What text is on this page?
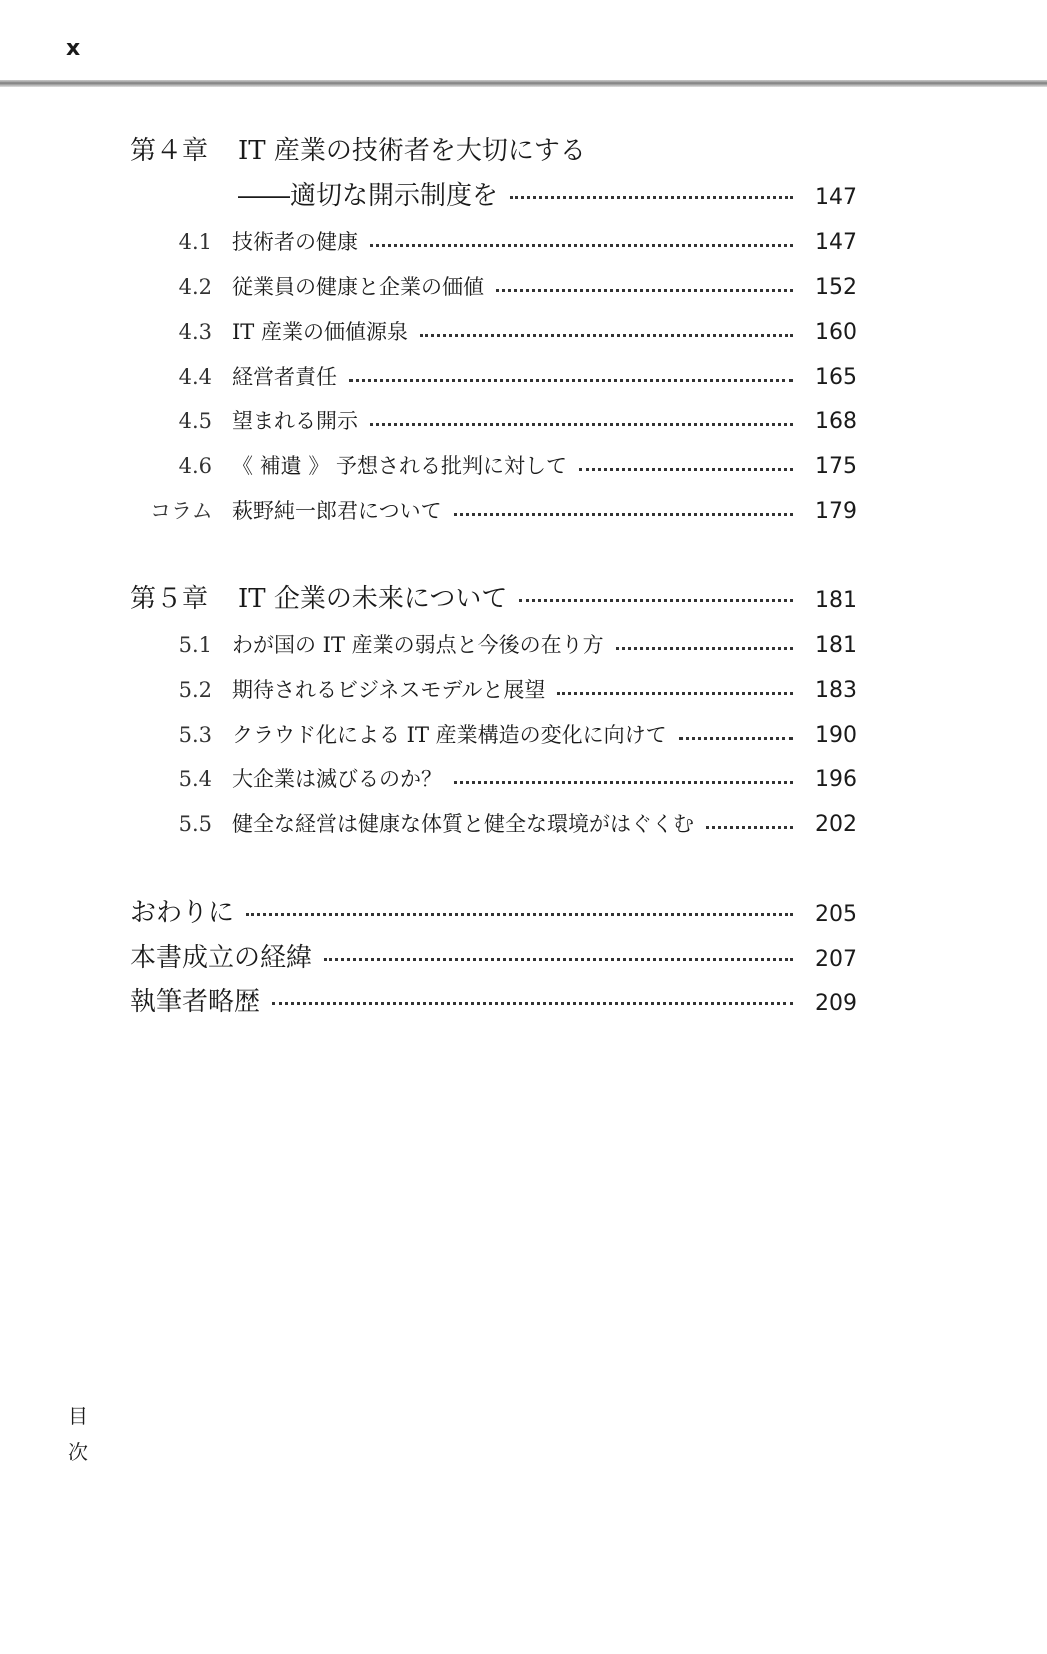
x
第４章	IT 産業の技術者を大切にする
――適切な開示制度を	147
4.1 技術者の健康	147
4.2 従業員の健康と企業の価値	152
4.3 IT 産業の価値源泉	160
4.4 経営者責任	165
4.5 望まれる開示	168
4.6 《 補遺 》 予想される批判に対して	175
コラム 萩野純一郎君について	179
第５章	IT 企業の未来について	181
5.1 わが国の IT 産業の弱点と今後の在り方	181
5.2 期待されるビジネスモデルと展望	183
5.3 クラウド化による IT 産業構造の変化に向けて	190
5.4 大企業は滅びるのか？	196
5.5 健全な経営は健康な体質と健全な環境がはぐくむ	202
おわりに	205
本書成立の経緯	207
執筆者略歴	209
目
次
